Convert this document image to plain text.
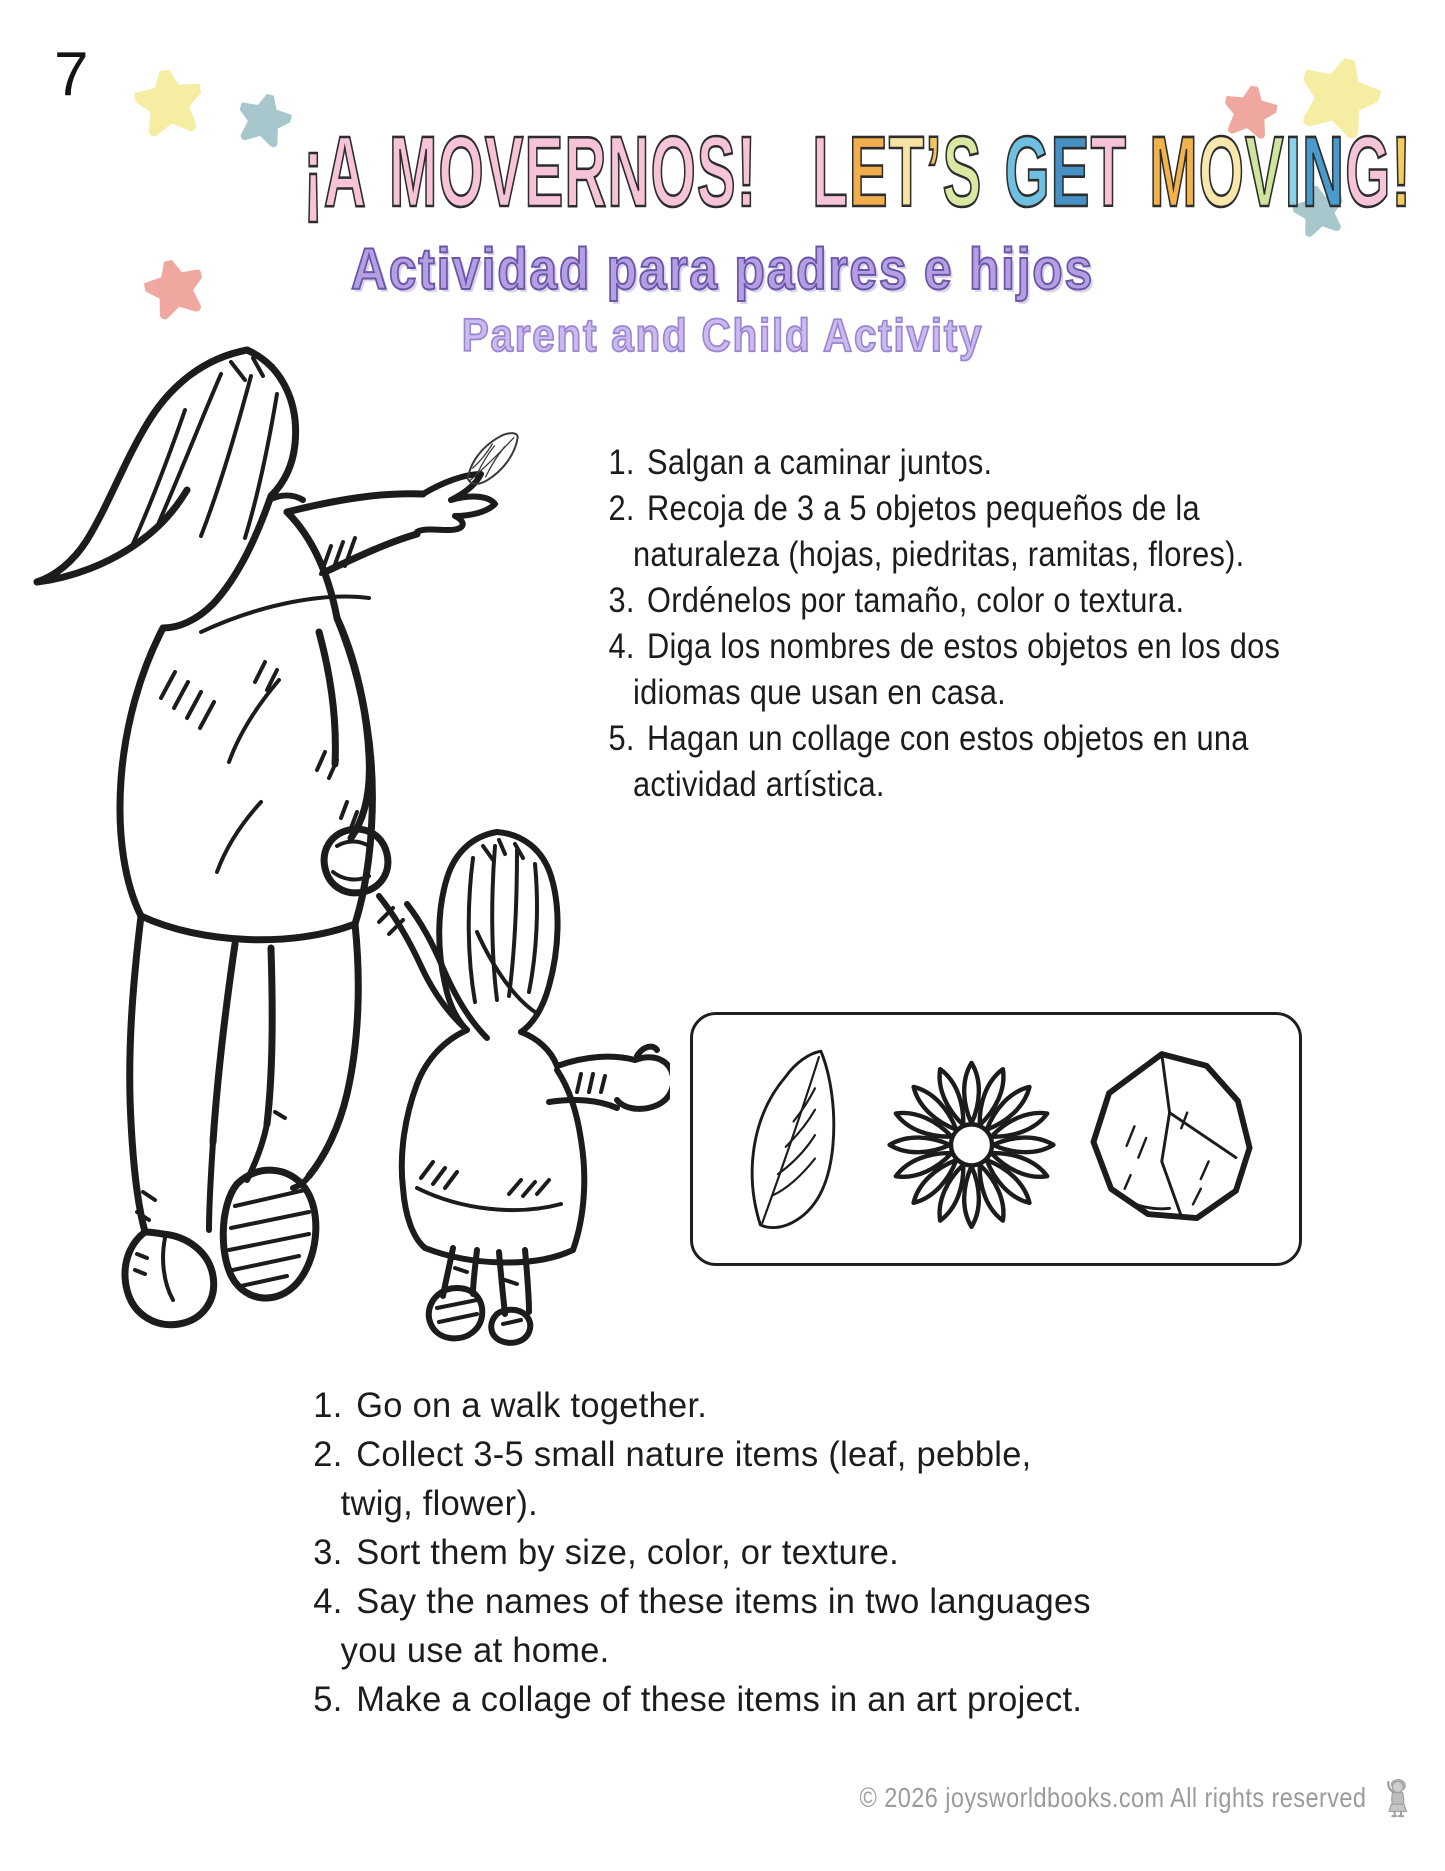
7
¡A MOVERNOS! LET’S GET MOVING!
Actividad para padres e hijos
Parent and Child Activity
1. Salgan a caminar juntos.
2. Recoja de 3 a 5 objetos pequeños de la
naturaleza (hojas, piedritas, ramitas, flores).
3. Ordénelos por tamaño, color o textura.
4. Diga los nombres de estos objetos en los dos
idiomas que usan en casa.
5. Hagan un collage con estos objetos en una
actividad artística.
1. Go on a walk together.
2. Collect 3-5 small nature items (leaf, pebble,
twig, flower).
3. Sort them by size, color, or texture.
4. Say the names of these items in two languages
you use at home.
5. Make a collage of these items in an art project.
© 2026 joysworldbooks.com All rights reserved
